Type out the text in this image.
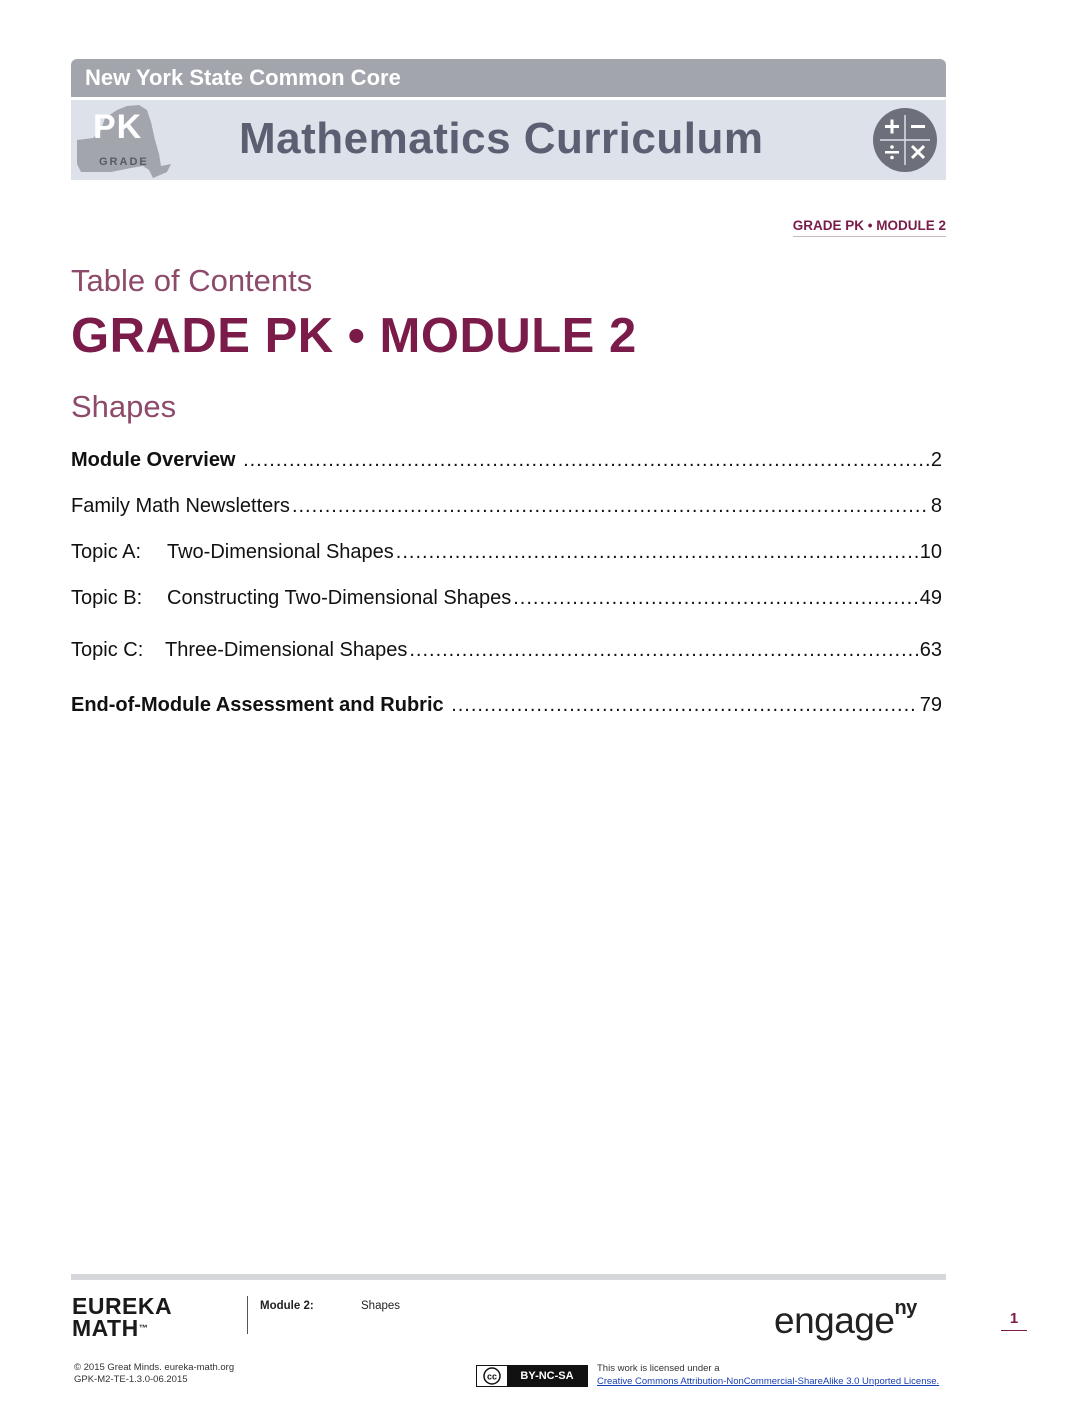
New York State Common Core
PK
GRADE Mathematics Curriculum
GRADE PK • MODULE 2
Table of Contents
GRADE PK • MODULE 2
Shapes
Module Overview .....	2
Family Math Newsletters .....	8
Topic A:	Two-Dimensional Shapes .....	10
Topic B:	Constructing Two-Dimensional Shapes .....	49
Topic C:	Three-Dimensional Shapes .....	63
End-of-Module Assessment and Rubric .....	79
EUREKA
MATH™
Module 2:	Shapes	engage$^{ny}$	1
© 2015 Great Minds. eureka-math.org
GPK-M2-TE-1.3.0-06.2015	cc	BY-NC-SA
This work is licensed under a
Creative Commons Attribution-NonCommercial-ShareAlike 3.0 Unported License.
